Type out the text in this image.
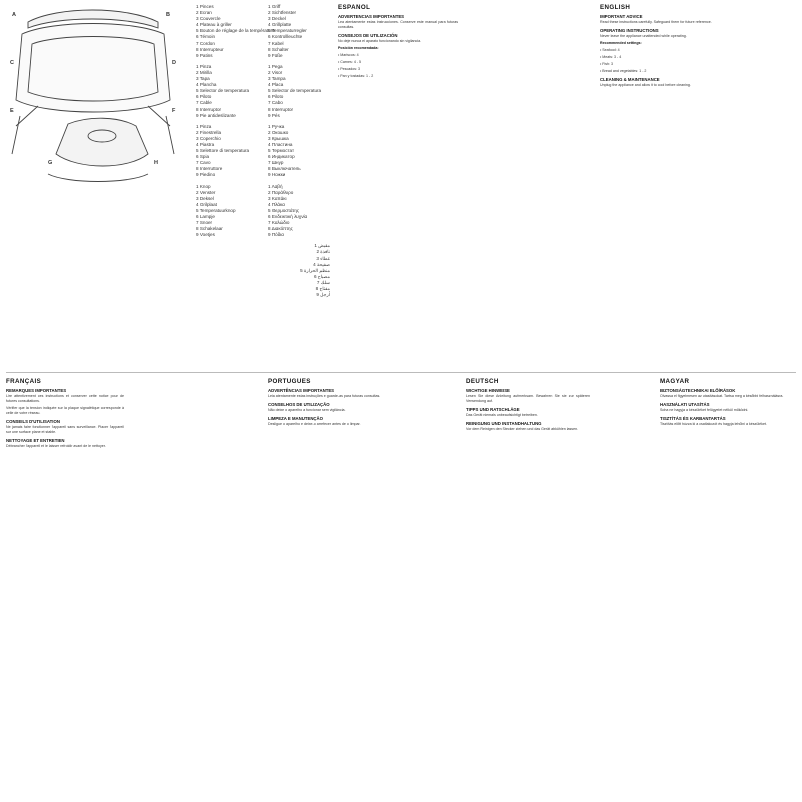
A	B
C	D
E	F
G	H
1 Pinces
2 Ecran
3 Couvercle
4 Plateau à griller
5 Bouton de réglage de la température
6 Témoin
7 Cordon
8 Interrupteur
9 Patins
1 Pinza
2 Mirilla
3 Tapa
4 Plancha
5 Selector de temperatura
6 Piloto
7 Cable
8 Interruptor
9 Pie antideslizante
1 Pinza
2 Finestrella
3 Coperchio
4 Piastra
5 Selettore di temperatura
6 Spia
7 Cavo
8 Interruttore
9 Piedino
1 Knop
2 Venster
3 Deksel
4 Grilplaat
5 Temperatuurknop
6 Lampje
7 Snoer
8 Schakelaar
9 Voetjes
1 Griff
2 Sichtfenster
3 Deckel
4 Grillplatte
5 Temperaturregler
6 Kontrollleuchte
7 Kabel
8 Schalter
9 Füße
1 Pega
2 Visor
3 Tampa
4 Placa
5 Selector de temperatura
6 Piloto
7 Cabo
8 Interruptor
9 Pés
1 Ручка
2 Окошко
3 Крышка
4 Пластина
5 Термостат
6 Индикатор
7 Шнур
8 Выключатель
9 Ножки
1 Λαβή
2 Παράθυρο
3 Καπάκι
4 Πλάκα
5 Θερμοστάτης
6 Ενδεικτική λυχνία
7 Καλώδιο
8 Διακόπτης
9 Πόδια
1 مقبض
2 نافذة
3 غطاء
4 صفيحة
5 منظم الحرارة
6 مصباح
7 سلك
8 مفتاح
9 أرجل
ESPAÑOL
ADVERTENCIAS IMPORTANTES

Lea atentamente estas instrucciones. Conserve este manual para futuras consultas.

CONSEJOS DE UTILIZACIÓN

No deje nunca el aparato funcionando sin vigilancia.

Posición recomendada:

• Mariscos: 4

• Carnes: 4 - 5

• Pescados: 3

• Pan y tostadas: 1 - 2

ENGLISH
IMPORTANT ADVICE

Read these instructions carefully. Safeguard them for future reference.

OPERATING INSTRUCTIONS

Never leave the appliance unattended while operating.

Recommended settings:

• Seafood: 4

• Meats: 3 - 4

• Fish: 3

• Bread and vegetables: 1 - 2

CLEANING & MAINTENANCE

Unplug the appliance and allow it to cool before cleaning.

FRANÇAIS
REMARQUES IMPORTANTES

Lire attentivement ces instructions et conserver cette notice pour de futures consultations.

Vérifier que la tension indiquée sur la plaque signalétique corresponde à celle de votre réseau.

CONSEILS D'UTILISATION

Ne jamais faire fonctionner l'appareil sans surveillance. Placer l'appareil sur une surface plane et stable.

NETTOYAGE ET ENTRETIEN

Débrancher l'appareil et le laisser refroidir avant de le nettoyer.

PORTUGUES
ADVERTÊNCIAS IMPORTANTES

Leia atentamente estas instruções e guarde-as para futuras consultas.

CONSELHOS DE UTILIZAÇÃO

Não deixe o aparelho a funcionar sem vigilância.

LIMPEZA E MANUTENÇÃO

Desligue o aparelho e deixe-o arrefecer antes de o limpar.

DEUTSCH
WICHTIGE HINWEISE

Lesen Sie diese Anleitung aufmerksam. Bewahren Sie sie zur späteren Verwendung auf.

TIPPS UND RATSCHLÄGE

Das Gerät niemals unbeaufsichtigt betreiben.

REINIGUNG UND INSTANDHALTUNG

Vor dem Reinigen den Stecker ziehen und das Gerät abkühlen lassen.

MAGYAR
BIZTONSÁGTECHNIKAI ELŐÍRÁSOK

Olvassa el figyelmesen az utasításokat. Tartsa meg a későbbi felhasználásra.

HASZNÁLATI UTASÍTÁS

Soha ne hagyja a készüléket felügyelet nélkül működni.

TISZTÍTÁS ÉS KARBANTARTÁS

Tisztítás előtt húzza ki a csatlakozót és hagyja lehűlni a készüléket.
